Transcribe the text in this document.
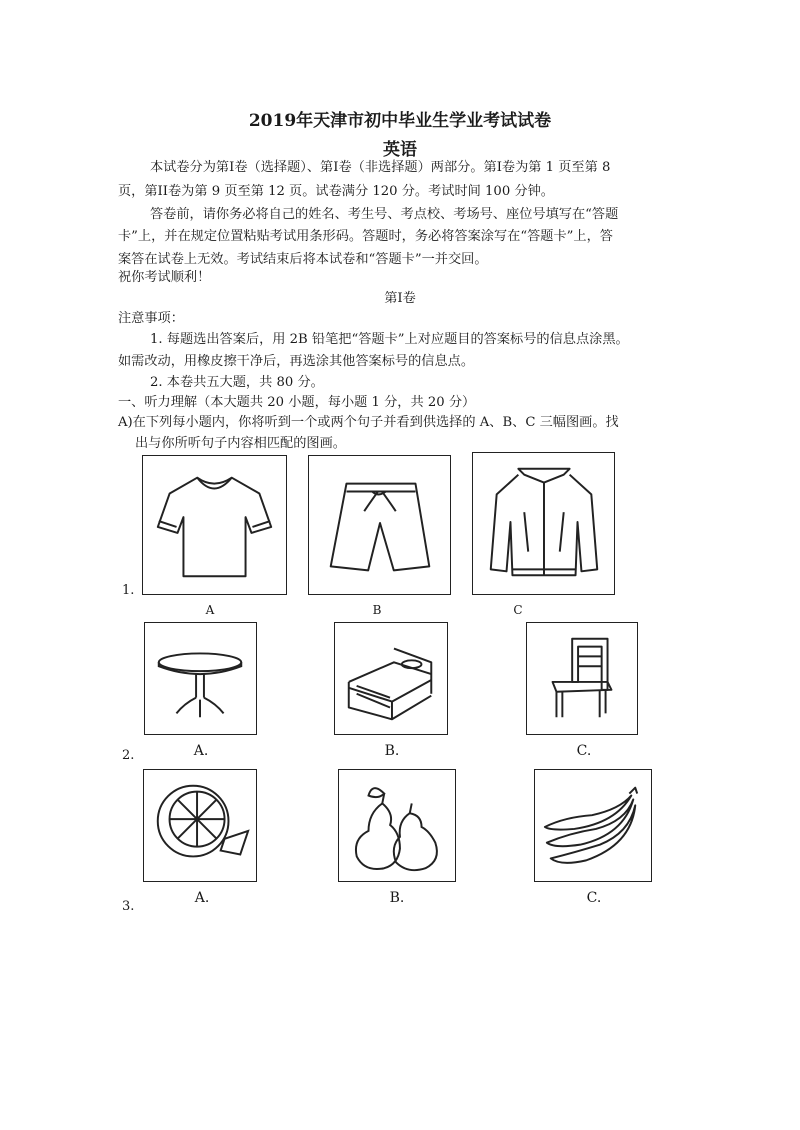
2019年天津市初中毕业生学业考试试卷
英语
本试卷分为第I卷（选择题）、第Ⅰ卷（非选择题）两部分。第Ⅰ卷为第 1 页至第 8
页，第II卷为第 9 页至第 12 页。试卷满分 120 分。考试时间 100 分钟。
答卷前，请你务必将自己的姓名、考生号、考点校、考场号、座位号填写在“答题
卡”上，并在规定位置粘贴考试用条形码。答题时，务必将答案涂写在“答题卡”上，答
案答在试卷上无效。考试结束后将本试卷和“答题卡”一并交回。
祝你考试顺利！
第Ⅰ卷
注意事项：
1. 每题选出答案后，用 2B 铅笔把“答题卡”上对应题目的答案标号的信息点涂黑。
如需改动，用橡皮擦干净后，再选涂其他答案标号的信息点。
2. 本卷共五大题，共 80 分。
一、听力理解（本大题共 20 小题，每小题 1 分，共 20 分）
A)在下列每小题内，你将听到一个或两个句子并看到供选择的 A、B、C 三幅图画。找
出与你所听句子内容相匹配的图画。
1.
A	B	C
2.	A.	B.	C.
3.
A.	B.	C.
